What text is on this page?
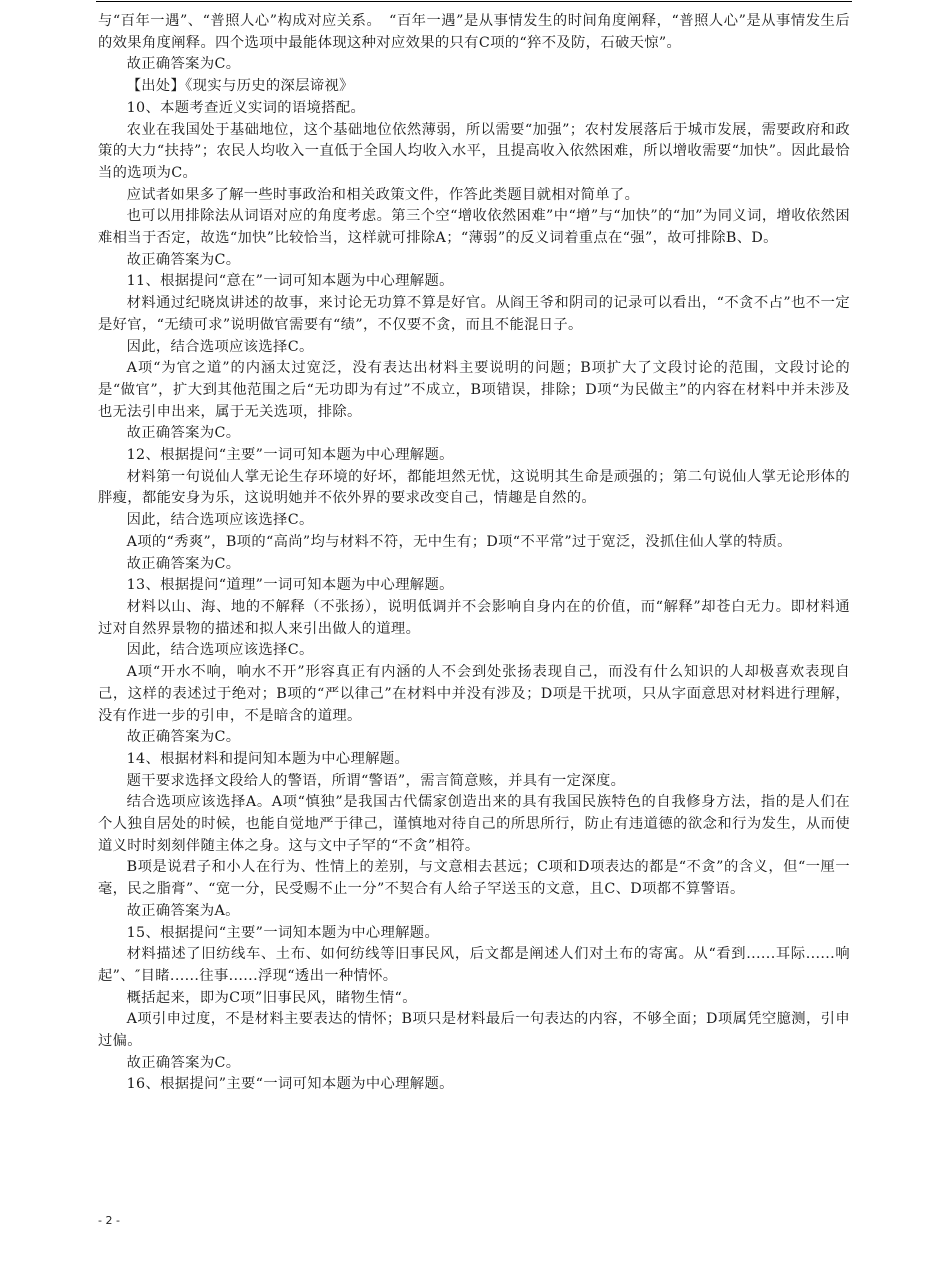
与“百年一遇”、“普照人心”构成对应关系。　“百年一遇”是从事情发生的时间角度阐释，“普照人心”是从事情发生后的效果角度阐释。四个选项中最能体现这种对应效果的只有C项的“猝不及防，石破天惊”。

故正确答案为C。

【出处】《现实与历史的深层谛视》

10、本题考查近义实词的语境搭配。

农业在我国处于基础地位，这个基础地位依然薄弱，所以需要“加强”；农村发展落后于城市发展，需要政府和政策的大力“扶持”；农民人均收入一直低于全国人均收入水平，且提高收入依然困难，所以增收需要“加快”。因此最恰当的选项为C。

应试者如果多了解一些时事政治和相关政策文件，作答此类题目就相对简单了。

也可以用排除法从词语对应的角度考虑。第三个空“增收依然困难”中“增”与“加快”的“加”为同义词，增收依然困难相当于否定，故选“加快”比较恰当，这样就可排除A；“薄弱”的反义词着重点在“强”，故可排除B、D。

故正确答案为C。

11、根据提问“意在”一词可知本题为中心理解题。

材料通过纪晓岚讲述的故事，来讨论无功算不算是好官。从阎王爷和阴司的记录可以看出，“不贪不占”也不一定是好官，“无绩可求”说明做官需要有“绩”，不仅要不贪，而且不能混日子。

因此，结合选项应该选择C。

A项“为官之道”的内涵太过宽泛，没有表达出材料主要说明的问题；B项扩大了文段讨论的范围，文段讨论的是“做官”，扩大到其他范围之后“无功即为有过”不成立，B项错误，排除；D项“为民做主”的内容在材料中并未涉及也无法引申出来，属于无关选项，排除。

故正确答案为C。

12、根据提问“主要”一词可知本题为中心理解题。

材料第一句说仙人掌无论生存环境的好坏，都能坦然无忧，这说明其生命是顽强的；第二句说仙人掌无论形体的胖瘦，都能安身为乐，这说明她并不依外界的要求改变自己，情趣是自然的。

因此，结合选项应该选择C。

A项的“秀爽”，B项的“高尚”均与材料不符，无中生有；D项“不平常”过于宽泛，没抓住仙人掌的特质。

故正确答案为C。

13、根据提问“道理”一词可知本题为中心理解题。

材料以山、海、地的不解释（不张扬），说明低调并不会影响自身内在的价值，而“解释”却苍白无力。即材料通过对自然界景物的描述和拟人来引出做人的道理。

因此，结合选项应该选择C。

A项“开水不响，响水不开”形容真正有内涵的人不会到处张扬表现自己，而没有什么知识的人却极喜欢表现自己，这样的表述过于绝对；B项的“严以律己”在材料中并没有涉及；D项是干扰项，只从字面意思对材料进行理解，没有作进一步的引申，不是暗含的道理。

故正确答案为C。

14、根据材料和提问知本题为中心理解题。

题干要求选择文段给人的警语，所谓“警语”，需言简意赅，并具有一定深度。

结合选项应该选择A。A项“慎独”是我国古代儒家创造出来的具有我国民族特色的自我修身方法，指的是人们在个人独自居处的时候，也能自觉地严于律己，谨慎地对待自己的所思所行，防止有违道德的欲念和行为发生，从而使道义时时刻刻伴随主体之身。这与文中子罕的“不贪”相符。

B项是说君子和小人在行为、性情上的差别，与文意相去甚远；C项和D项表达的都是“不贪”的含义，但“一厘一毫，民之脂膏”、“宽一分，民受赐不止一分”不契合有人给子罕送玉的文意，且C、D项都不算警语。

故正确答案为A。

15、根据提问“主要”一词知本题为中心理解题。

材料描述了旧纺线车、土布、如何纺线等旧事民风，后文都是阐述人们对土布的寄寓。从“看到......耳际......响起”、″目睹......往事......浮现“透出一种情怀。

概括起来，即为C项”旧事民风，睹物生情“。

A项引申过度，不是材料主要表达的情怀；B项只是材料最后一句表达的内容，不够全面；D项属凭空臆测，引申过偏。

故正确答案为C。

16、根据提问”主要“一词可知本题为中心理解题。

- 2 -
